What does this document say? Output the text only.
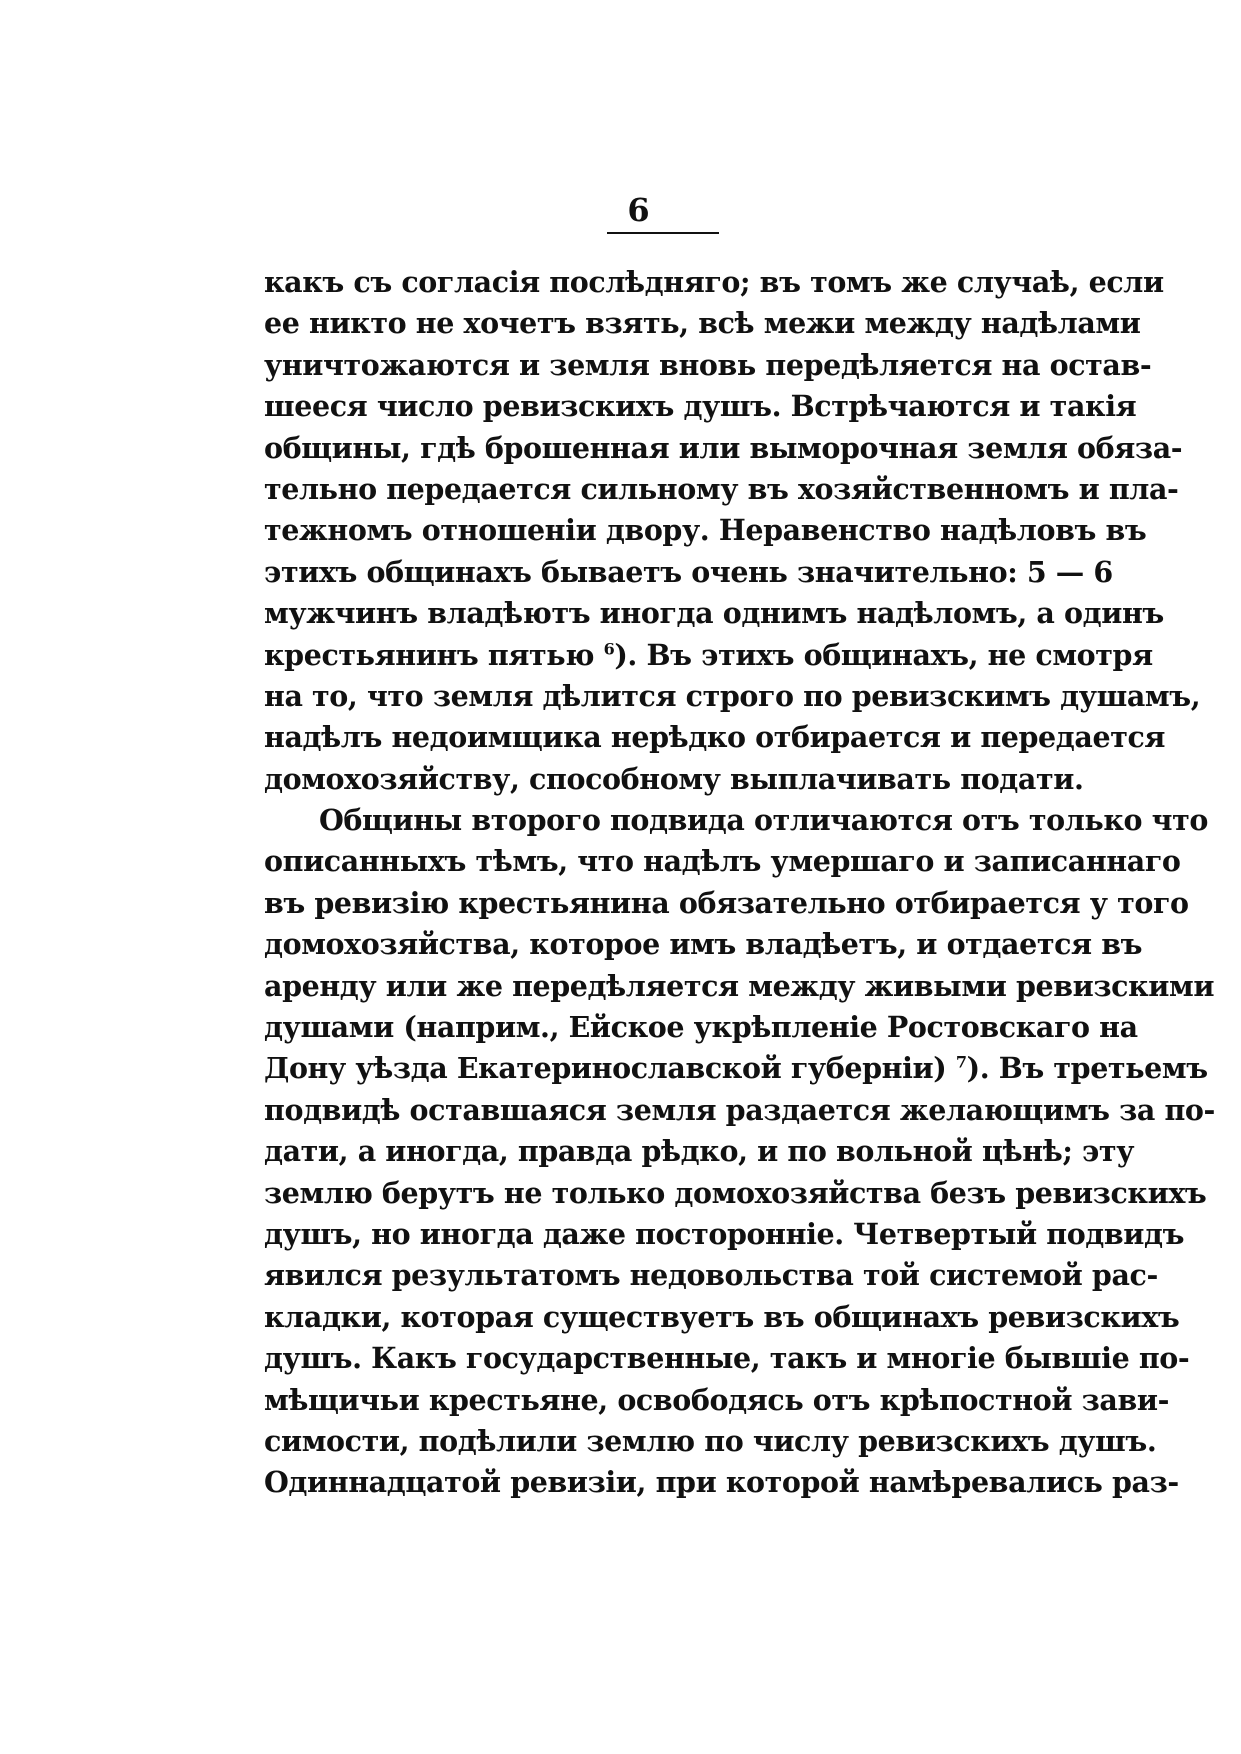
6
какъ съ согласія послѣдняго; въ томъ же случаѣ, если
ее никто не хочетъ взять, всѣ межи между надѣлами
уничтожаются и земля вновь передѣляется на остав-
шееся число ревизскихъ душъ. Встрѣчаются и такія
общины, гдѣ брошенная или выморочная земля обяза-
тельно передается сильному въ хозяйственномъ и пла-
тежномъ отношеніи двору. Неравенство надѣловъ въ
этихъ общинахъ бываетъ очень значительно: 5 — 6
мужчинъ владѣютъ иногда однимъ надѣломъ, а одинъ
крестьянинъ пятью $^6$). Въ этихъ общинахъ, не смотря
на то, что земля дѣлится строго по ревизскимъ душамъ,
надѣлъ недоимщика нерѣдко отбирается и передается
домохозяйству, способному выплачивать подати.
Общины второго подвида отличаются отъ только что
описанныхъ тѣмъ, что надѣлъ умершаго и записаннаго
въ ревизію крестьянина обязательно отбирается у того
домохозяйства, которое имъ владѣетъ, и отдается въ
аренду или же передѣляется между живыми ревизскими
душами (наприм., Ейское укрѣпленіе Ростовскаго на
Дону уѣзда Екатеринославской губерніи) $^7$). Въ третьемъ
подвидѣ оставшаяся земля раздается желающимъ за по-
дати, а иногда, правда рѣдко, и по вольной цѣнѣ; эту
землю берутъ не только домохозяйства безъ ревизскихъ
душъ, но иногда даже посторонніе. Четвертый подвидъ
явился результатомъ недовольства той системой рас-
кладки, которая существуетъ въ общинахъ ревизскихъ
душъ. Какъ государственные, такъ и многіе бывшіе по-
мѣщичьи крестьяне, освободясь отъ крѣпостной зави-
симости, подѣлили землю по числу ревизскихъ душъ.
Одиннадцатой ревизіи, при которой намѣревались раз-
